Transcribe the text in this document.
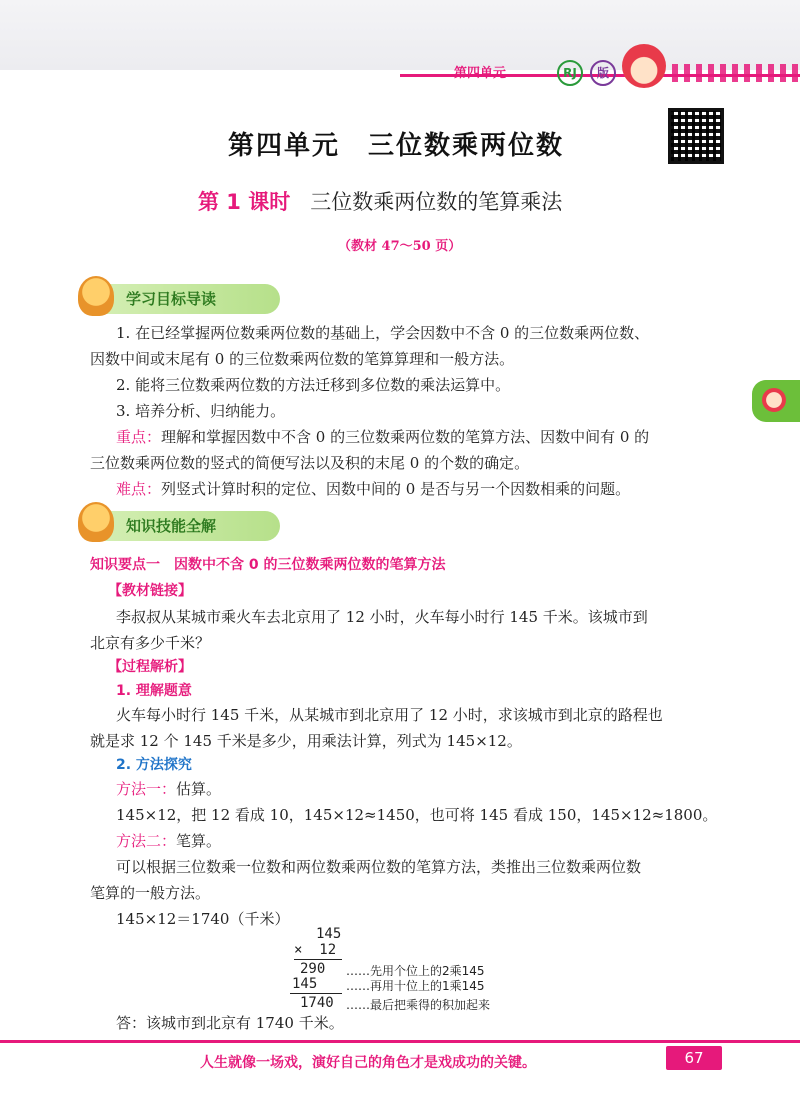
第四单元	RJ	版
第四单元　三位数乘两位数
第 1 课时 三位数乘两位数的笔算乘法
（教材 47～50 页）
学习目标导读
1. 在已经掌握两位数乘两位数的基础上，学会因数中不含 0 的三位数乘两位数、
因数中间或末尾有 0 的三位数乘两位数的笔算算理和一般方法。
2. 能将三位数乘两位数的方法迁移到多位数的乘法运算中。
3. 培养分析、归纳能力。
重点：理解和掌握因数中不含 0 的三位数乘两位数的笔算方法、因数中间有 0 的
三位数乘两位数的竖式的简便写法以及积的末尾 0 的个数的确定。
难点：列竖式计算时积的定位、因数中间的 0 是否与另一个因数相乘的问题。
知识技能全解
知识要点一　因数中不含 0 的三位数乘两位数的笔算方法
【教材链接】
李叔叔从某城市乘火车去北京用了 12 小时，火车每小时行 145 千米。该城市到
北京有多少千米？
【过程解析】
1. 理解题意
火车每小时行 145 千米，从某城市到北京用了 12 小时，求该城市到北京的路程也
就是求 12 个 145 千米是多少，用乘法计算，列式为 145×12。
2. 方法探究
方法一：估算。
145×12，把 12 看成 10，145×12≈1450，也可将 145 看成 150，145×12≈1800。
方法二：笔算。
可以根据三位数乘一位数和两位数乘两位数的笔算方法，类推出三位数乘两位数
笔算的一般方法。
145×12＝1740（千米）
145
×  12
290 ……先用个位上的2乘145
145 ……再用十位上的1乘145
1740 ……最后把乘得的积加起来
答：该城市到北京有 1740 千米。
人生就像一场戏，演好自己的角色才是戏成功的关键。	67
